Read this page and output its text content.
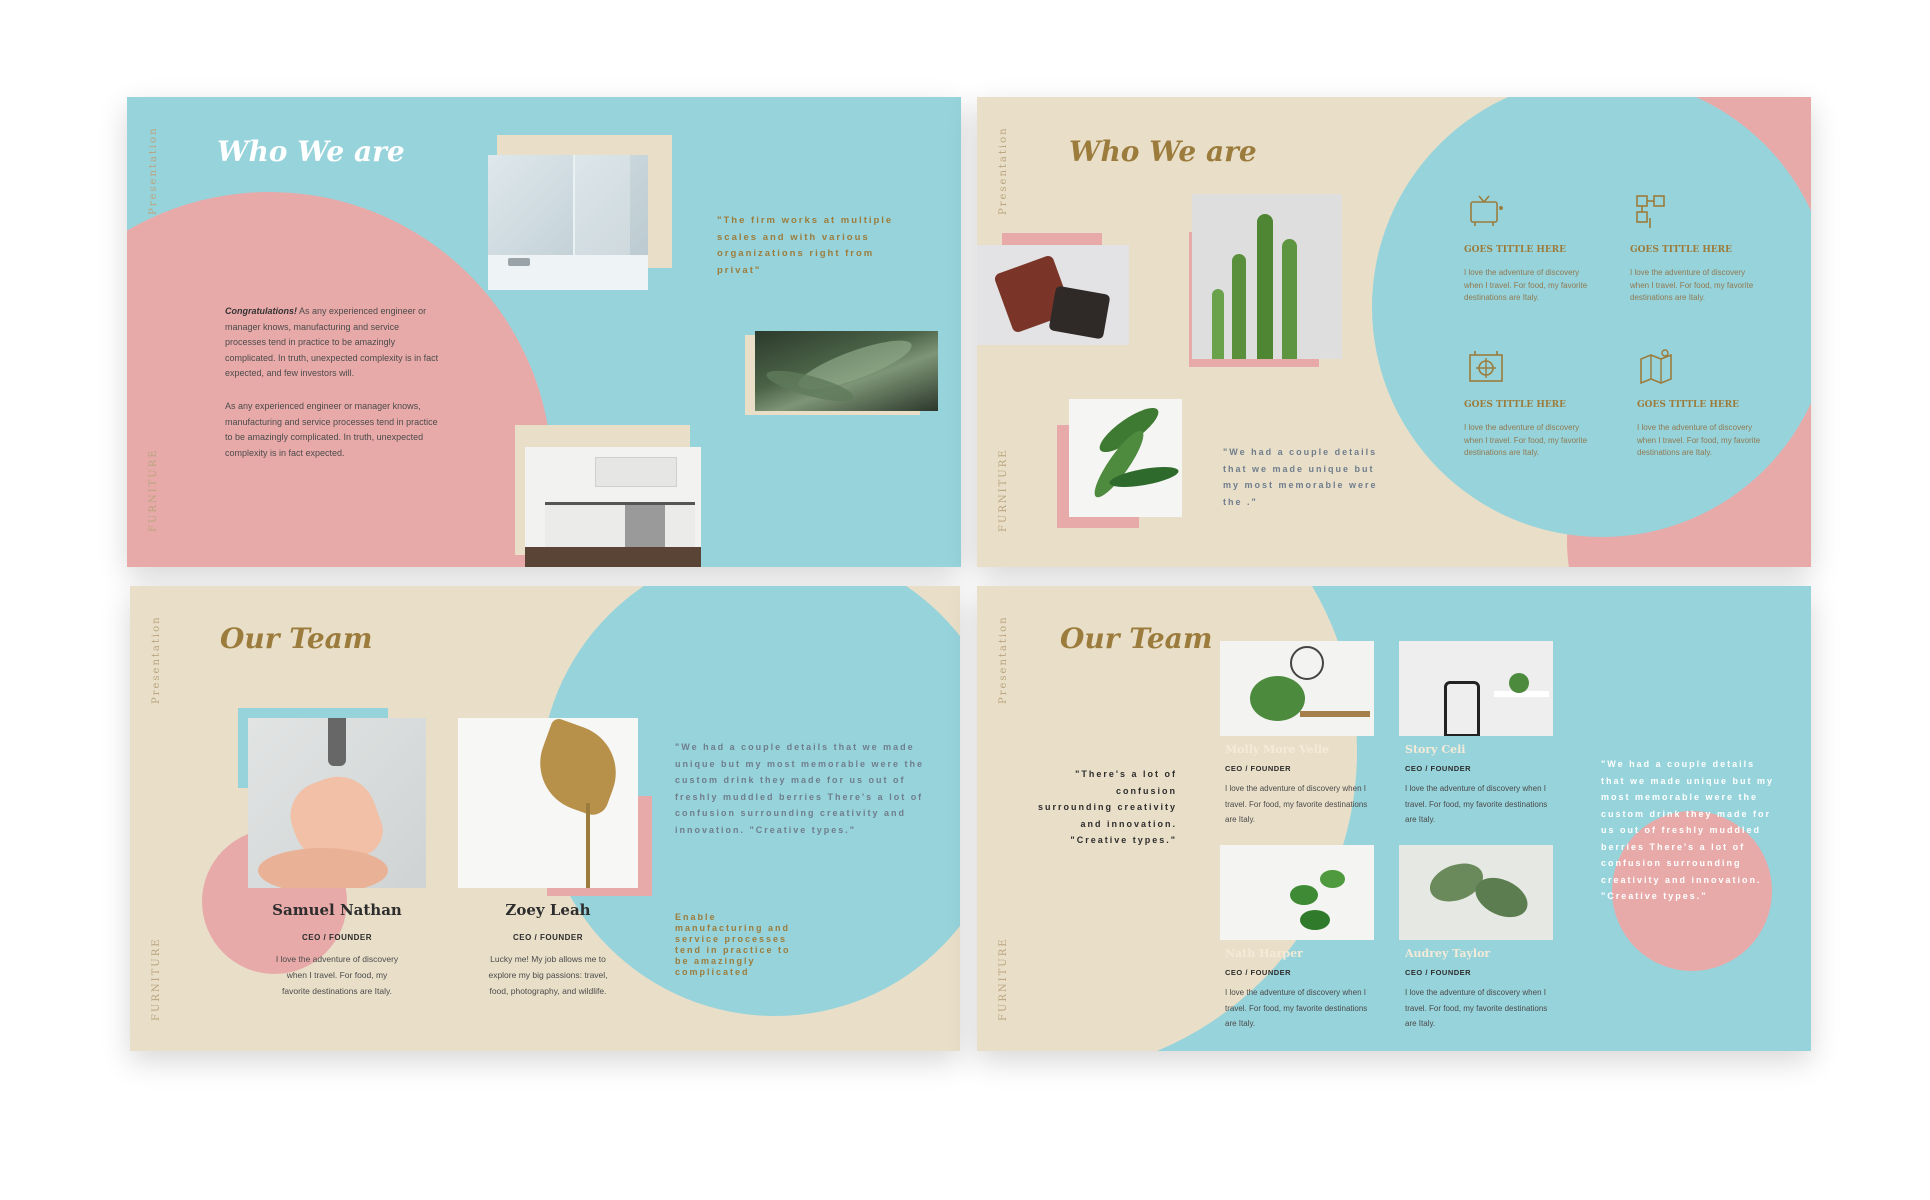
Presentation
FURNITURE
Who We are
Congratulations! As any experienced engineer or manager knows, manufacturing and service processes tend in practice to be amazingly complicated. In truth, unexpected complexity is in fact expected, and few investors will.

As any experienced engineer or manager knows, manufacturing and service processes tend in practice to be amazingly complicated. In truth, unexpected complexity is in fact expected.

"The firm works at multiple scales and with various organizations right from privat"

Presentation
FURNITURE
Who We are

"We had a couple details that we made unique but my most memorable were the ."

GOES TITTLE HERE

I love the adventure of discovery when I travel. For food, my favorite destinations are Italy.

GOES TITTLE HERE

I love the adventure of discovery when I travel. For food, my favorite destinations are Italy.

GOES TITTLE HERE

I love the adventure of discovery when I travel. For food, my favorite destinations are Italy.

GOES TITTLE HERE

I love the adventure of discovery when I travel. For food, my favorite destinations are Italy.

Presentation
FURNITURE
Our Team

Samuel Nathan

CEO / FOUNDER

I love the adventure of discovery when I travel. For food, my favorite destinations are Italy.

Zoey Leah

CEO / FOUNDER

Lucky me! My job allows me to explore my big passions: travel, food, photography, and wildlife.

"We had a couple details that we made unique but my most memorable were the custom drink they made for us out of freshly muddled berries There's a lot of confusion surrounding creativity and innovation. "Creative types."

Enable manufacturing and service processes tend in practice to be amazingly complicated

Presentation
FURNITURE
Our Team

"There's a lot of confusion surrounding creativity and innovation. "Creative types."

Molly More Velle

CEO / FOUNDER

I love the adventure of discovery when I travel. For food, my favorite destinations are Italy.

Story Celi

CEO / FOUNDER

I love the adventure of discovery when I travel. For food, my favorite destinations are Italy.

Nath Harper

CEO / FOUNDER

I love the adventure of discovery when I travel. For food, my favorite destinations are Italy.

Audrey Taylor

CEO / FOUNDER

I love the adventure of discovery when I travel. For food, my favorite destinations are Italy.

"We had a couple details that we made unique but my most memorable were the custom drink they made for us out of freshly muddled berries There's a lot of confusion surrounding creativity and innovation. "Creative types."
